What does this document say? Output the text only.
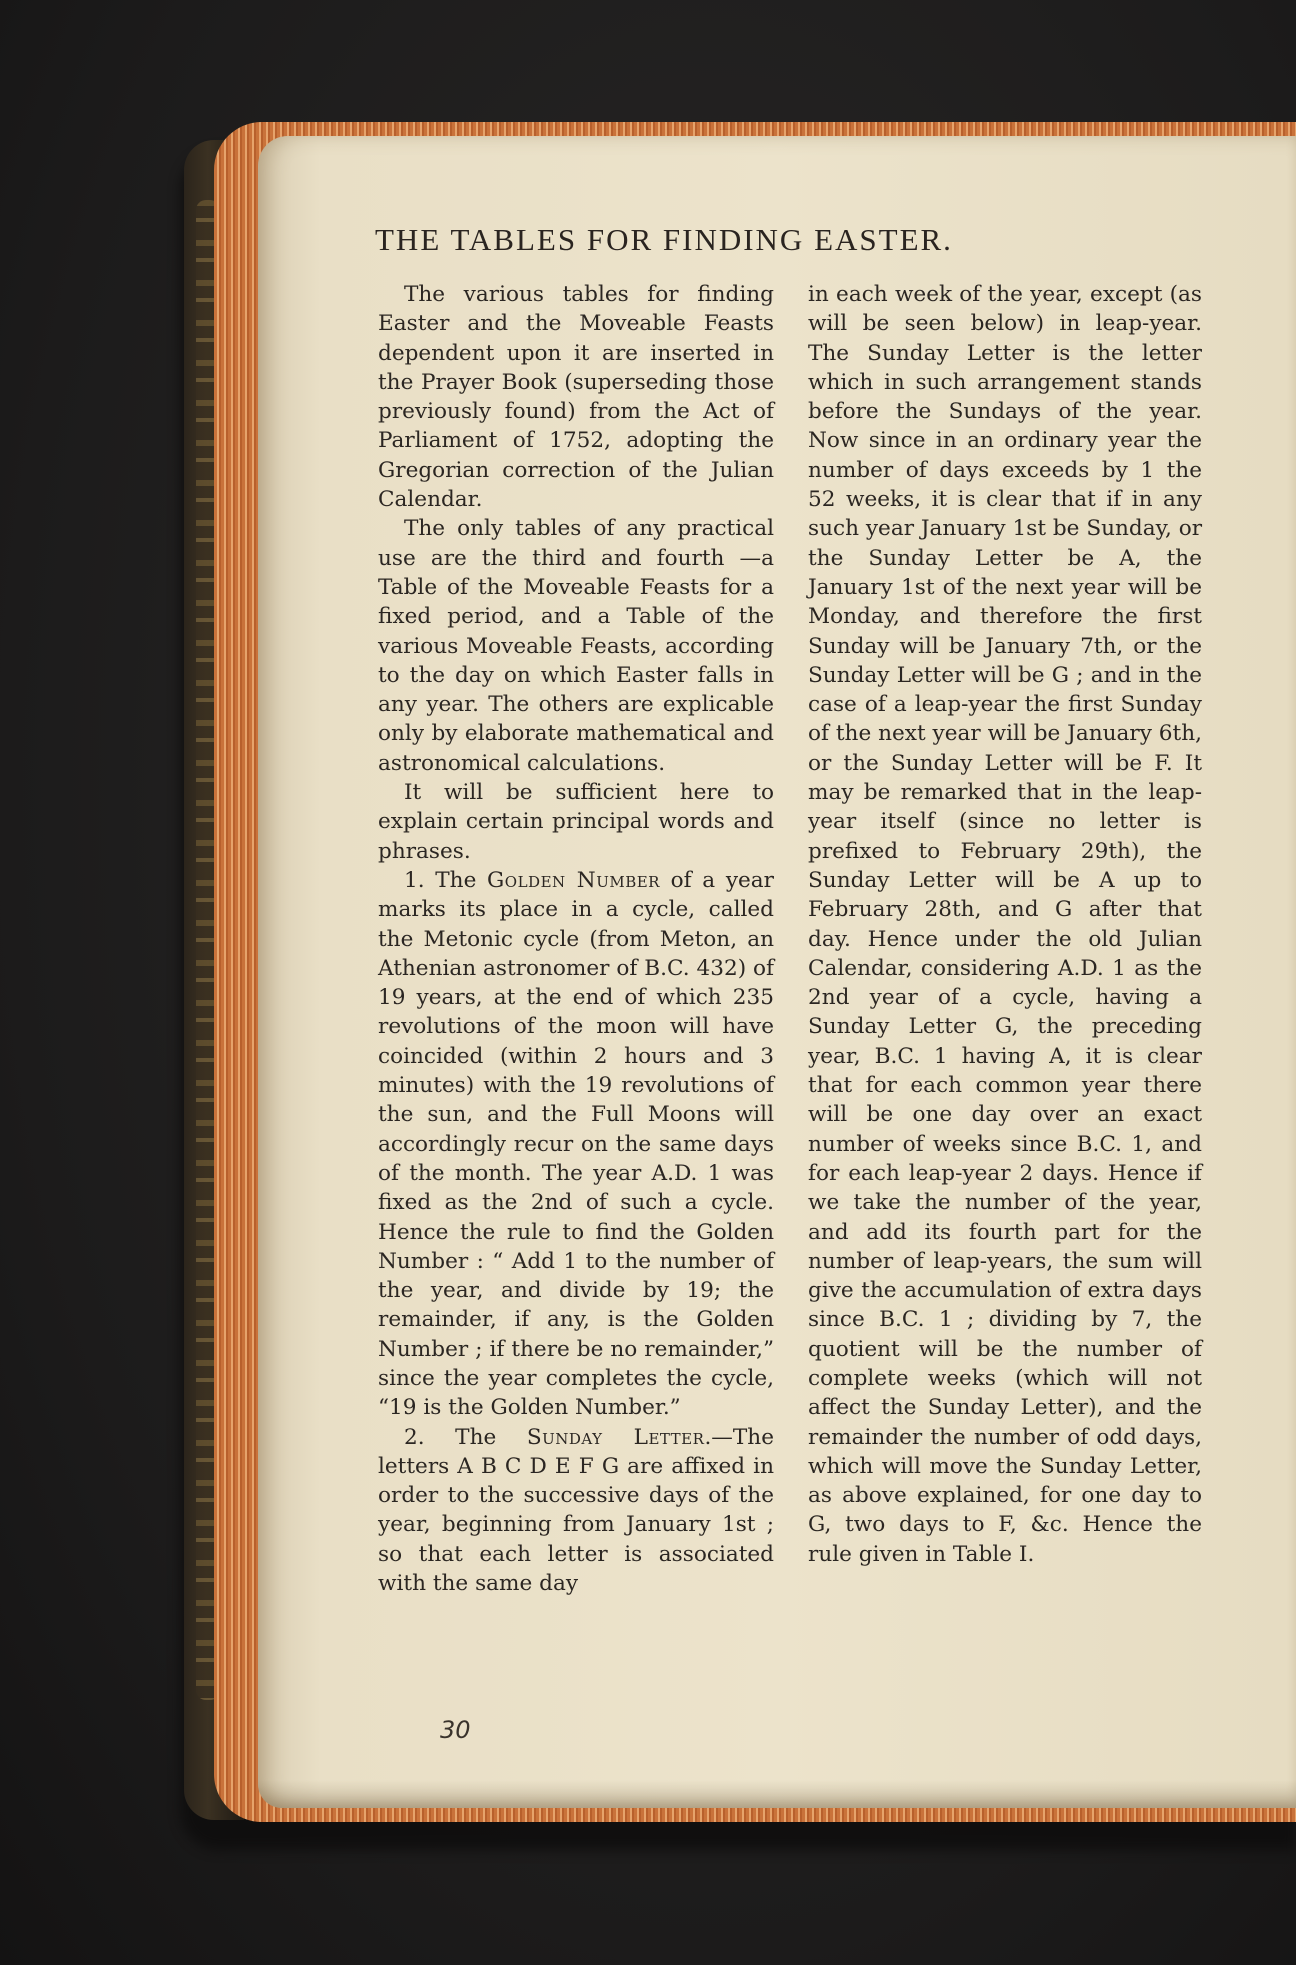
THE TABLES FOR FINDING EASTER.

The various tables for finding Easter and the Moveable Feasts dependent upon it are inserted in the Prayer Book (superseding those previously found) from the Act of Parliament of 1752, adopting the Gregorian correction of the Julian Calendar.

The only tables of any practical use are the third and fourth —a Table of the Moveable Feasts for a fixed period, and a Table of the various Moveable Feasts, according to the day on which Easter falls in any year. The others are explicable only by elaborate mathematical and astronomical calculations.

It will be sufficient here to explain certain principal words and phrases.

1. The Golden Number of a year marks its place in a cycle, called the Metonic cycle (from Meton, an Athenian astronomer of B.C. 432) of 19 years, at the end of which 235 revolutions of the moon will have coincided (within 2 hours and 3 minutes) with the 19 revolutions of the sun, and the Full Moons will accordingly recur on the same days of the month. The year A.D. 1 was fixed as the 2nd of such a cycle. Hence the rule to find the Golden Number : “ Add 1 to the number of the year, and divide by 19; the remainder, if any, is the Golden Number ; if there be no remainder,” since the year completes the cycle, “19 is the Golden Number.”

2. The Sunday Letter.—The letters A B C D E F G are affixed in order to the successive days of the year, beginning from January 1st ; so that each letter is associated with the same day

in each week of the year, except (as will be seen below) in leap-year. The Sunday Letter is the letter which in such arrangement stands before the Sundays of the year. Now since in an ordinary year the number of days exceeds by 1 the 52 weeks, it is clear that if in any such year January 1st be Sunday, or the Sunday Letter be A, the January 1st of the next year will be Monday, and therefore the first Sunday will be January 7th, or the Sunday Letter will be G ; and in the case of a leap-year the first Sunday of the next year will be January 6th, or the Sunday Letter will be F. It may be remarked that in the leap-year itself (since no letter is prefixed to February 29th), the Sunday Letter will be A up to February 28th, and G after that day. Hence under the old Julian Calendar, considering A.D. 1 as the 2nd year of a cycle, having a Sunday Letter G, the preceding year, B.C. 1 having A, it is clear that for each common year there will be one day over an exact number of weeks since B.C. 1, and for each leap-year 2 days. Hence if we take the number of the year, and add its fourth part for the number of leap-years, the sum will give the accumulation of extra days since B.C. 1 ; dividing by 7, the quotient will be the number of complete weeks (which will not affect the Sunday Letter), and the remainder the number of odd days, which will move the Sunday Letter, as above explained, for one day to G, two days to F, &c. Hence the rule given in Table I.

30
